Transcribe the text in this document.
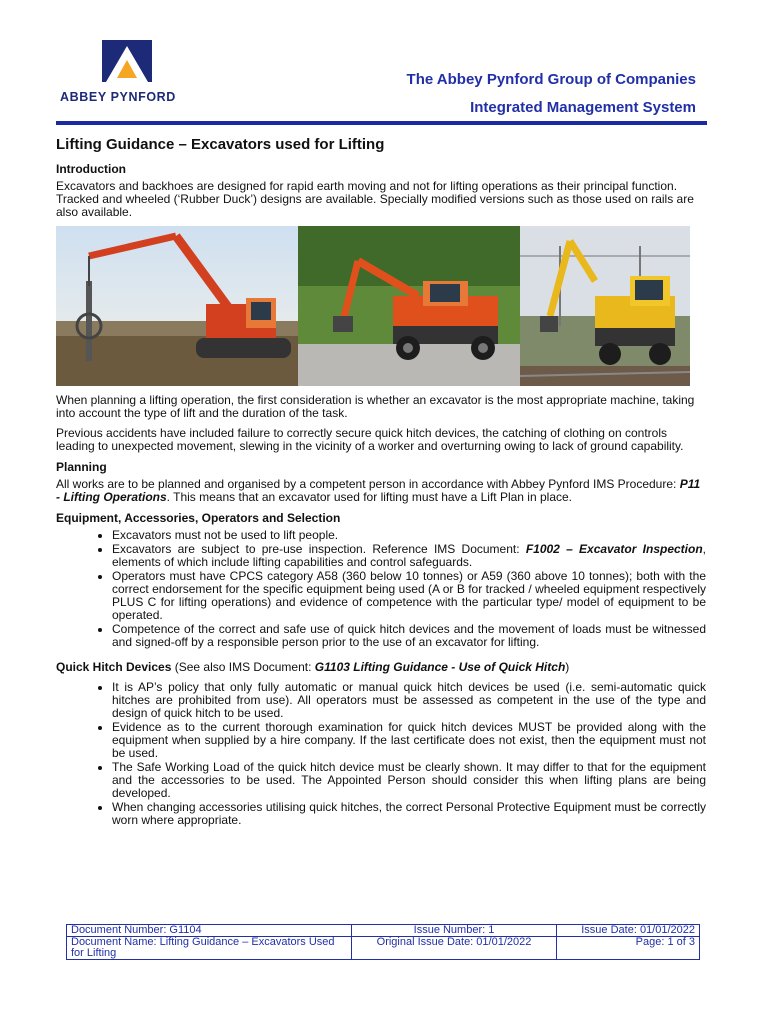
ABBEY PYNFORD
The Abbey Pynford Group of Companies
Integrated Management System
Lifting Guidance – Excavators used for Lifting
Introduction

Excavators and backhoes are designed for rapid earth moving and not for lifting operations as their principal function. Tracked and wheeled (‘Rubber Duck’) designs are available. Specially modified versions such as those used on rails are also available.

When planning a lifting operation, the first consideration is whether an excavator is the most appropriate machine, taking into account the type of lift and the duration of the task.

Previous accidents have included failure to correctly secure quick hitch devices, the catching of clothing on controls leading to unexpected movement, slewing in the vicinity of a worker and overturning owing to lack of ground capability.

Planning

All works are to be planned and organised by a competent person in accordance with Abbey Pynford IMS Procedure: P11 - Lifting Operations. This means that an excavator used for lifting must have a Lift Plan in place.

Equipment, Accessories, Operators and Selection
• Excavators must not be used to lift people.
• Excavators are subject to pre-use inspection. Reference IMS Document: F1002 – Excavator Inspection, elements of which include lifting capabilities and control safeguards.
• Operators must have CPCS category A58 (360 below 10 tonnes) or A59 (360 above 10 tonnes); both with the correct endorsement for the specific equipment being used (A or B for tracked / wheeled equipment respectively PLUS C for lifting operations) and evidence of competence with the particular type/ model of equipment to be operated.
• Competence of the correct and safe use of quick hitch devices and the movement of loads must be witnessed and signed-off by a responsible person prior to the use of an excavator for lifting.

Quick Hitch Devices (See also IMS Document: G1103 Lifting Guidance - Use of Quick Hitch)

• It is AP’s policy that only fully automatic or manual quick hitch devices be used (i.e. semi-automatic quick hitches are prohibited from use). All operators must be assessed as competent in the use of the type and design of quick hitch to be used.
• Evidence as to the current thorough examination for quick hitch devices MUST be provided along with the equipment when supplied by a hire company. If the last certificate does not exist, then the equipment must not be used.
• The Safe Working Load of the quick hitch device must be clearly shown. It may differ to that for the equipment and the accessories to be used. The Appointed Person should consider this when lifting plans are being developed.
• When changing accessories utilising quick hitches, the correct Personal Protective Equipment must be correctly worn where appropriate.
Document Number: G1104	Issue Number: 1	Issue Date: 01/01/2022
Document Name: Lifting Guidance – Excavators Used for Lifting	Original Issue Date: 01/01/2022	Page: 1 of 3
